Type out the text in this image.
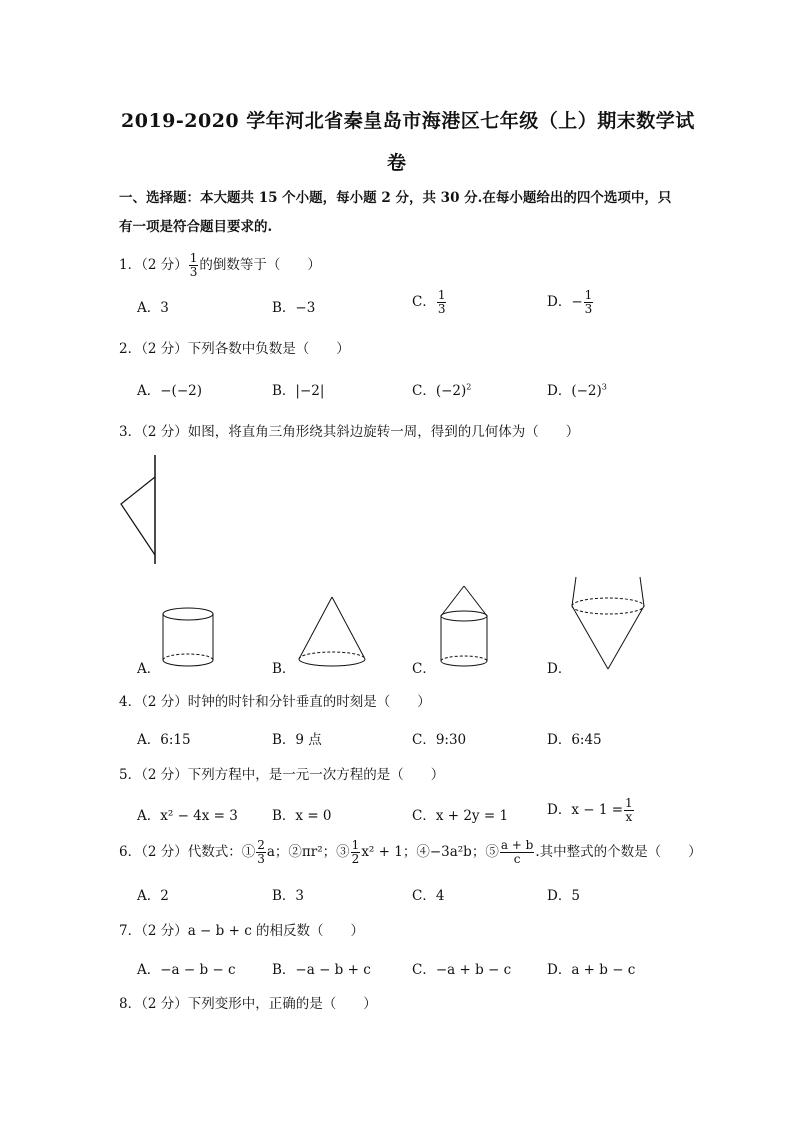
2019-2020 学年河北省秦皇岛市海港区七年级（上）期末数学试
卷
一、选择题：本大题共 15 个小题，每小题 2 分，共 30 分.在每小题给出的四个选项中，只
有一项是符合题目要求的.
1．（2 分） $\frac{1}{3}$ 的倒数等于（　　）
A．3	B．−3	C． $\frac{1}{3}$	D．− $\frac{1}{3}$
2．（2 分）下列各数中负数是（　　）
A．−(−2)	B．|−2|	C．$(-2)^2$	D．$(-2)^3$
3．（2 分）如图，将直角三角形绕其斜边旋转一周，得到的几何体为（　　）
A．	B．	C．	D．
4．（2 分）时钟的时针和分针垂直的时刻是（　　）
A．6:15	B．9 点	C．9:30	D．6:45
5．（2 分）下列方程中，是一元一次方程的是（　　）
A．x² − 4x = 3	B．x = 0	C．x + 2y = 1	D．$x - 1 = \frac{1}{x}$
6．（2 分）代数式：① $\frac{2}{3}$ a；②πr²；③ $\frac{1}{2} x^2 + 1$；④−3a²b；⑤ $\frac{a + b}{c}$ .其中整式的个数是（　　）
A．2	B．3	C．4	D．5
7．（2 分）a − b + c 的相反数（　　）
A．−a − b − c	B．−a − b + c	C．−a + b − c	D．a + b − c
8．（2 分）下列变形中，正确的是（　　）
